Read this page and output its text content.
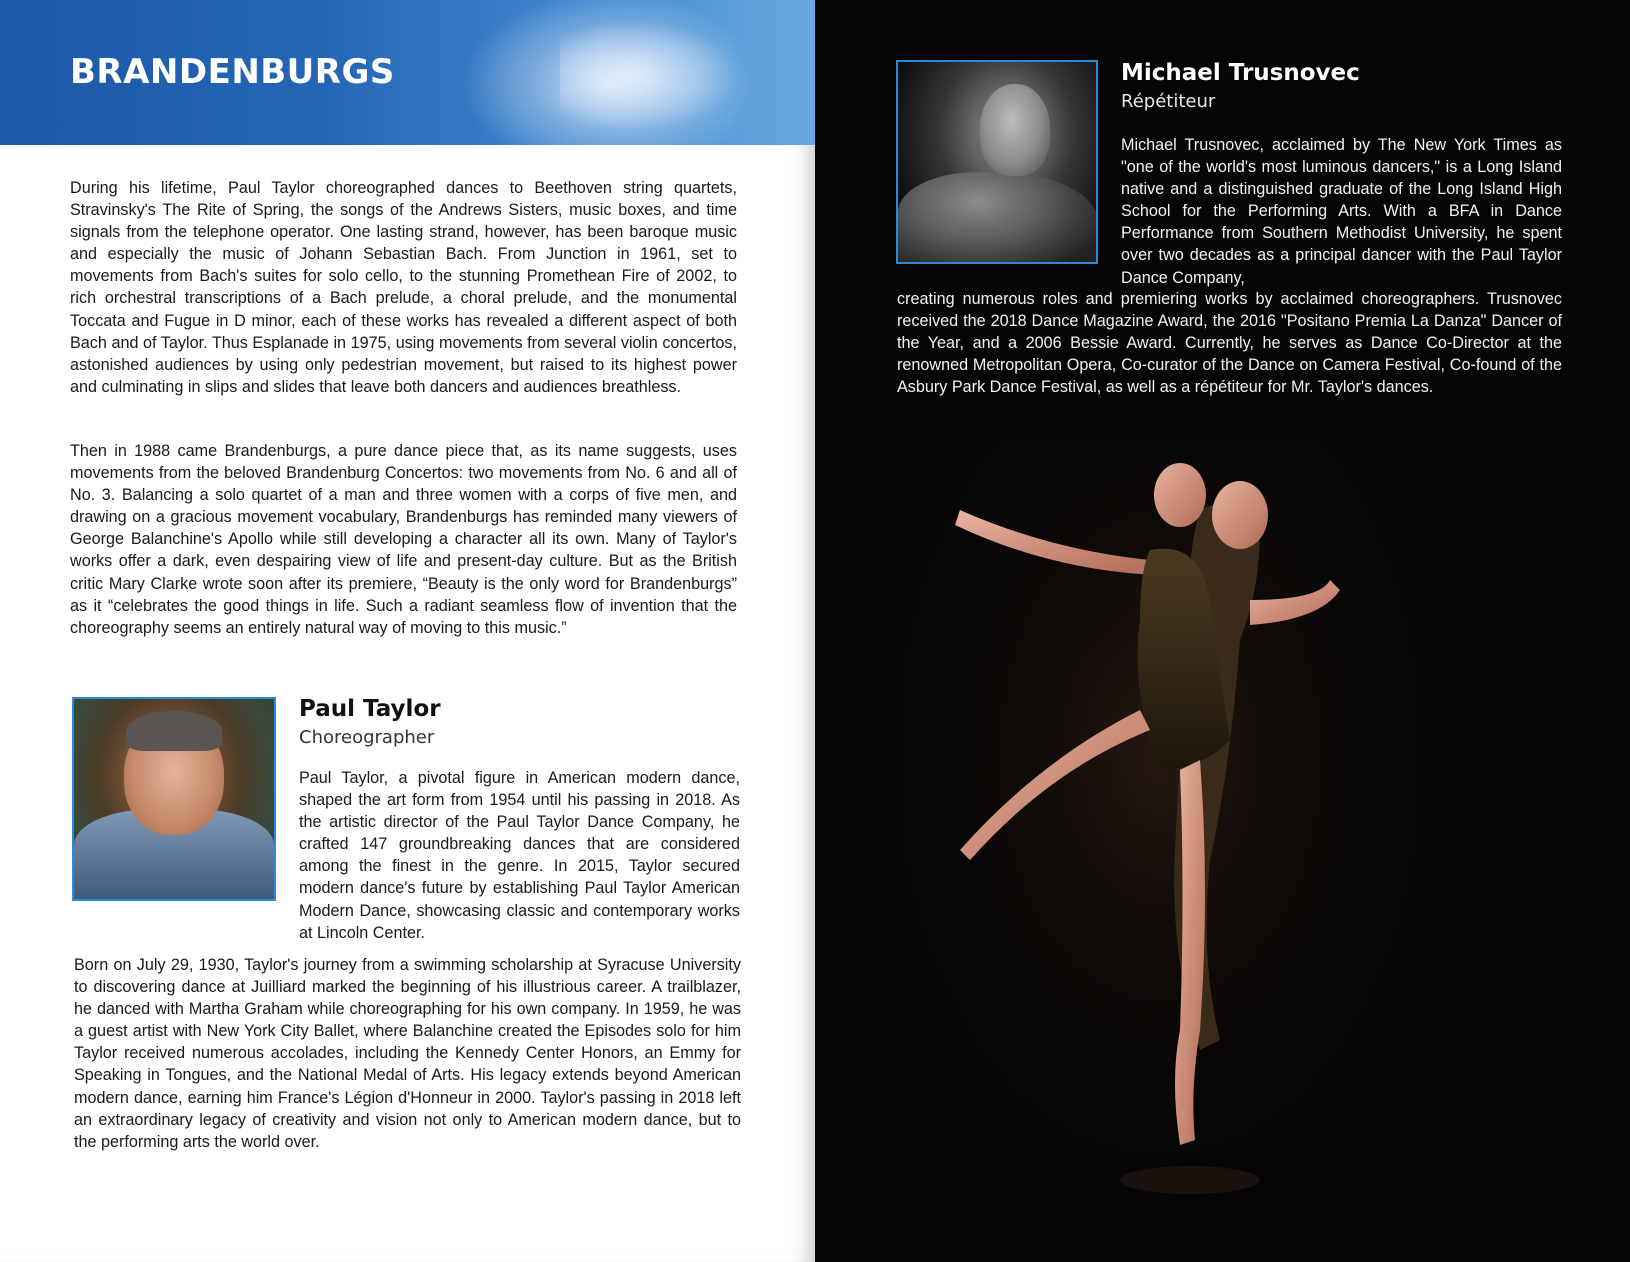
BRANDENBURGS

During his lifetime, Paul Taylor choreographed dances to Beethoven string quartets, Stravinsky's The Rite of Spring, the songs of the Andrews Sisters, music boxes, and time signals from the telephone operator. One lasting strand, however, has been baroque music and especially the music of Johann Sebastian Bach. From Junction in 1961, set to movements from Bach's suites for solo cello, to the stunning Promethean Fire of 2002, to rich orchestral transcriptions of a Bach prelude, a choral prelude, and the monumental Toccata and Fugue in D minor, each of these works has revealed a different aspect of both Bach and of Taylor. Thus Esplanade in 1975, using movements from several violin concertos, astonished audiences by using only pedestrian movement, but raised to its highest power and culminating in slips and slides that leave both dancers and audiences breathless.

Then in 1988 came Brandenburgs, a pure dance piece that, as its name suggests, uses movements from the beloved Brandenburg Concertos: two movements from No. 6 and all of No. 3. Balancing a solo quartet of a man and three women with a corps of five men, and drawing on a gracious movement vocabulary, Brandenburgs has reminded many viewers of George Balanchine's Apollo while still developing a character all its own. Many of Taylor's works offer a dark, even despairing view of life and present-day culture. But as the British critic Mary Clarke wrote soon after its premiere, “Beauty is the only word for Brandenburgs” as it “celebrates the good things in life. Such a radiant seamless flow of invention that the choreography seems an entirely natural way of moving to this music.”

Paul Taylor
Choreographer

Paul Taylor, a pivotal figure in American modern dance, shaped the art form from 1954 until his passing in 2018. As the artistic director of the Paul Taylor Dance Company, he crafted 147 groundbreaking dances that are considered among the finest in the genre. In 2015, Taylor secured modern dance's future by establishing Paul Taylor American Modern Dance, showcasing classic and contemporary works at Lincoln Center.

Born on July 29, 1930, Taylor's journey from a swimming scholarship at Syracuse University to discovering dance at Juilliard marked the beginning of his illustrious career. A trailblazer, he danced with Martha Graham while choreographing for his own company. In 1959, he was a guest artist with New York City Ballet, where Balanchine created the Episodes solo for him Taylor received numerous accolades, including the Kennedy Center Honors, an Emmy for Speaking in Tongues, and the National Medal of Arts. His legacy extends beyond American modern dance, earning him France's Légion d'Honneur in 2000. Taylor's passing in 2018 left an extraordinary legacy of creativity and vision not only to American modern dance, but to the performing arts the world over.

Michael Trusnovec
Répétiteur

Michael Trusnovec, acclaimed by The New York Times as "one of the world's most luminous dancers," is a Long Island native and a distinguished graduate of the Long Island High School for the Performing Arts. With a BFA in Dance Performance from Southern Methodist University, he spent over two decades as a principal dancer with the Paul Taylor Dance Company,

creating numerous roles and premiering works by acclaimed choreographers. Trusnovec received the 2018 Dance Magazine Award, the 2016 "Positano Premia La Danza" Dancer of the Year, and a 2006 Bessie Award. Currently, he serves as Dance Co-Director at the renowned Metropolitan Opera, Co-curator of the Dance on Camera Festival, Co-found of the Asbury Park Dance Festival, as well as a répétiteur for Mr. Taylor's dances.
